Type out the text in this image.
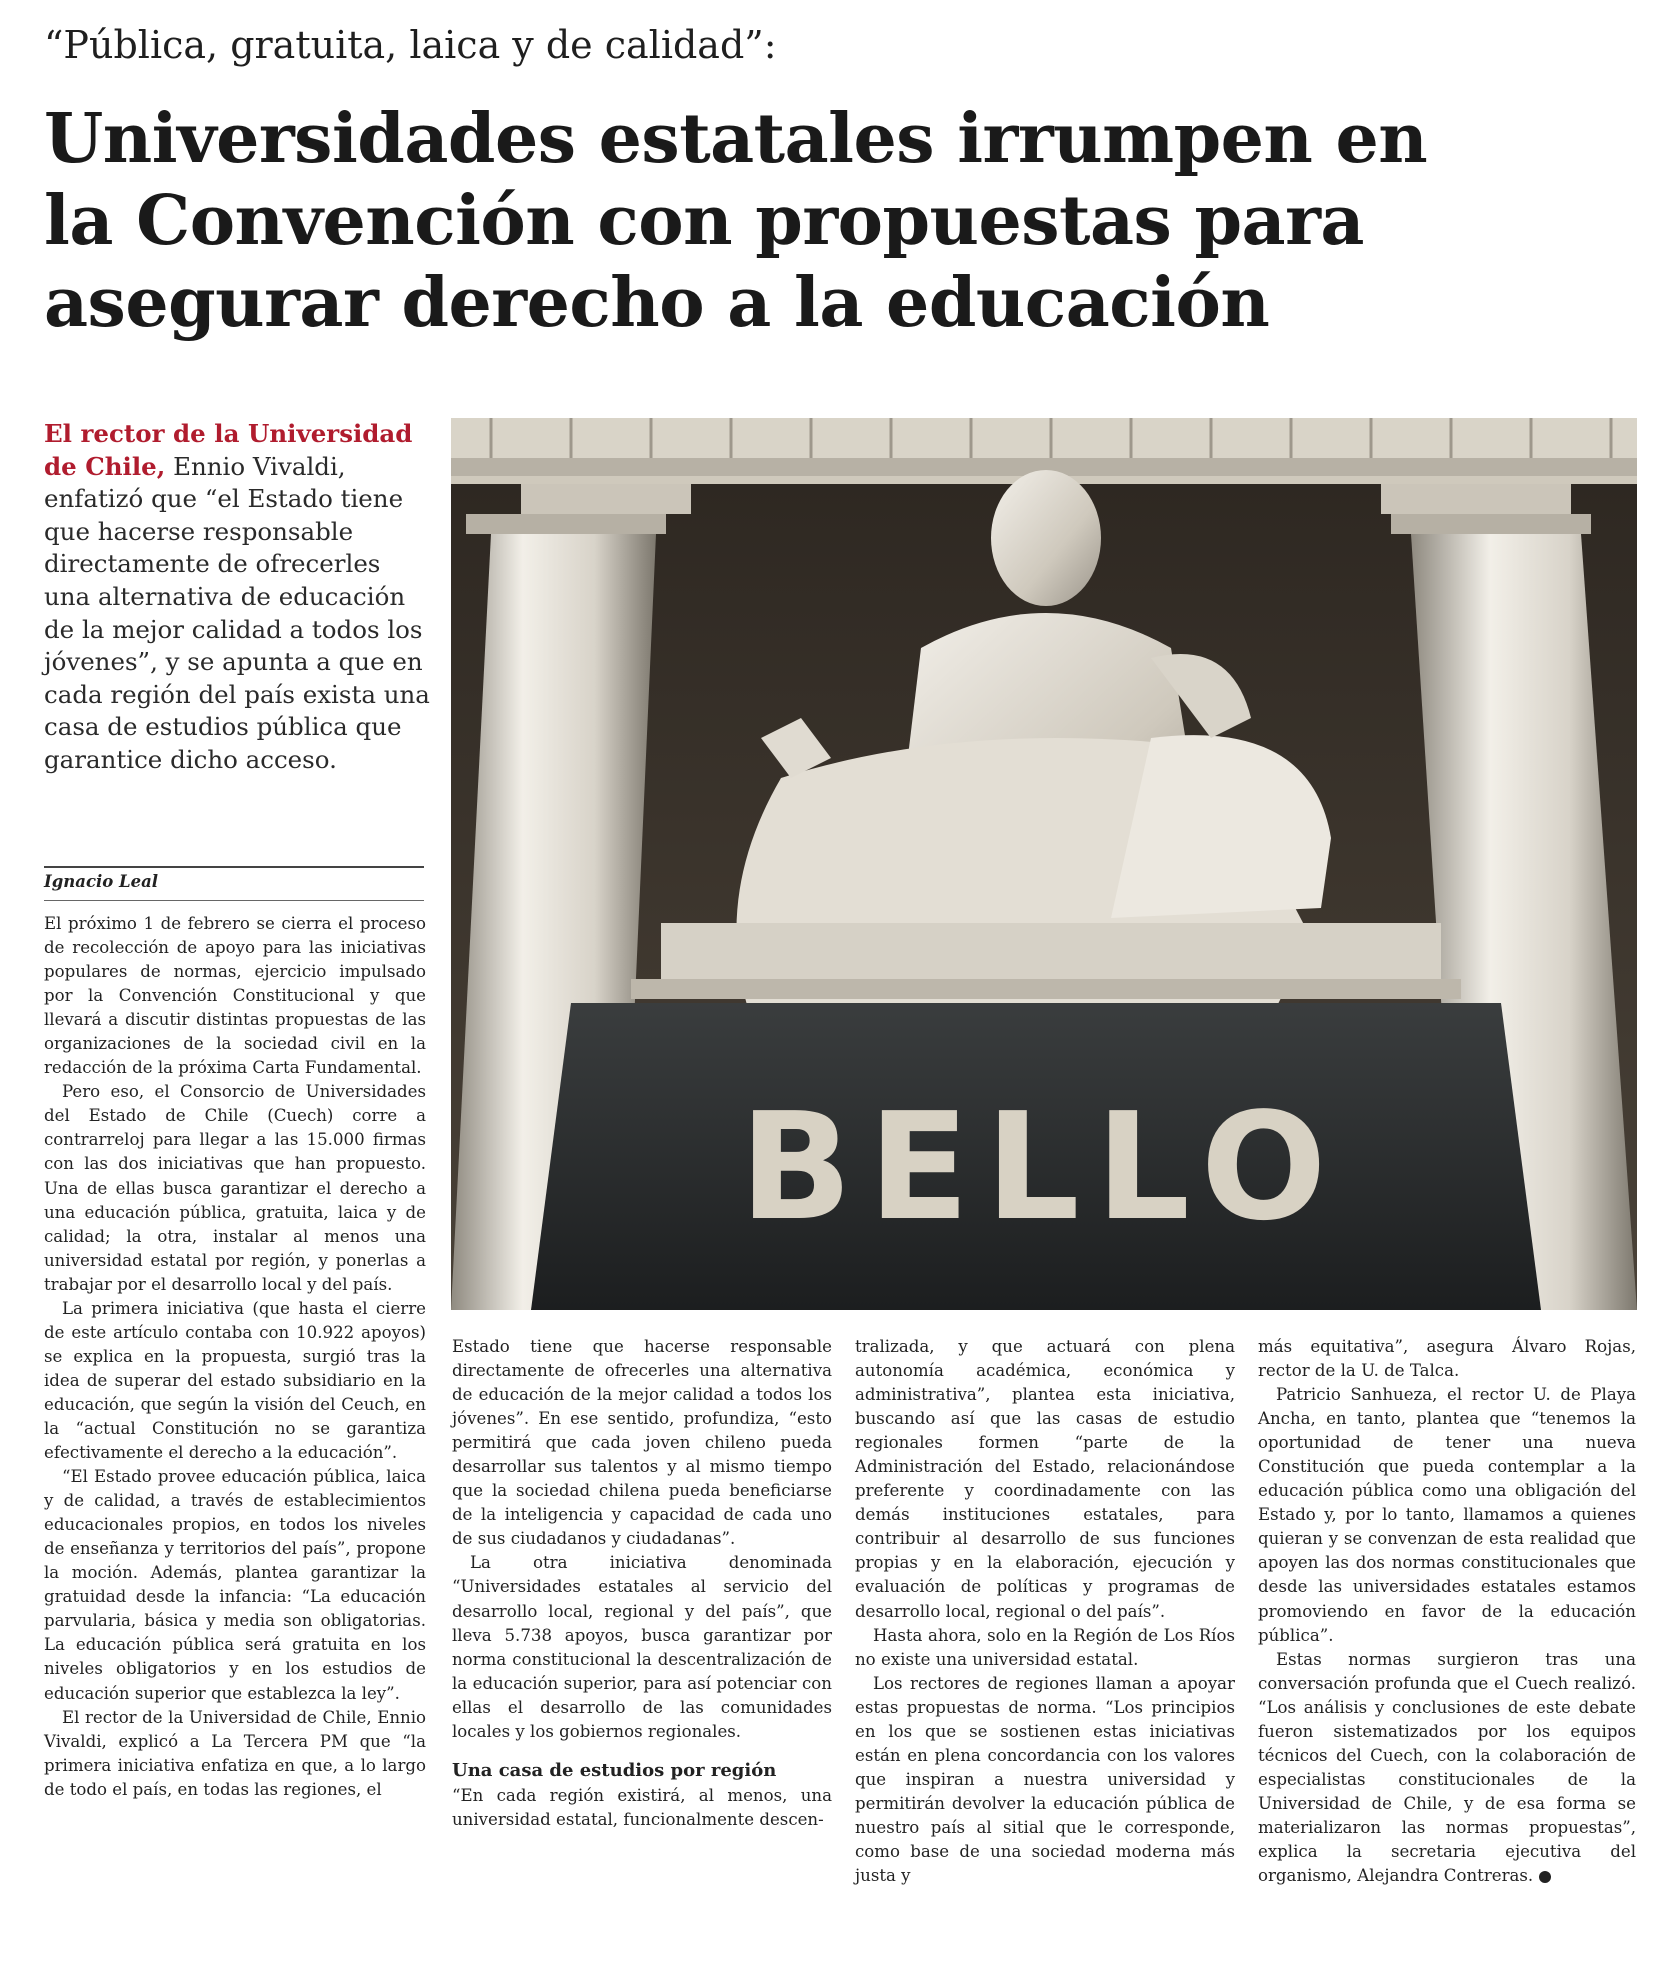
“Pública, gratuita, laica y de calidad”:
Universidades estatales irrumpen en
la Convención con propuestas para
asegurar derecho a la educación
El rector de la Universidad de Chile, Ennio Vivaldi, enfatizó que “el Estado tiene que hacerse responsable directamente de ofrecerles una alternativa de educación de la mejor calidad a todos los jóvenes”, y se apunta a que en cada región del país exista una casa de estudios pública que garantice dicho acceso.
Ignacio Leal

El próximo 1 de febrero se cierra el proceso de recolección de apoyo para las iniciativas populares de normas, ejercicio impulsado por la Convención Constitucional y que llevará a discutir distintas propuestas de las organizaciones de la sociedad civil en la redacción de la próxima Carta Fundamental.

Pero eso, el Consorcio de Universidades del Estado de Chile (Cuech) corre a contrarreloj para llegar a las 15.000 firmas con las dos iniciativas que han propuesto. Una de ellas busca garantizar el derecho a una educación pública, gratuita, laica y de calidad; la otra, instalar al menos una universidad estatal por región, y ponerlas a trabajar por el desarrollo local y del país.

La primera iniciativa (que hasta el cierre de este artículo contaba con 10.922 apoyos) se explica en la propuesta, surgió tras la idea de superar del estado subsidiario en la educación, que según la visión del Ceuch, en la “actual Constitución no se garantiza efectivamente el derecho a la educación”.

“El Estado provee educación pública, laica y de calidad, a través de establecimientos educacionales propios, en todos los niveles de enseñanza y territorios del país”, propone la moción. Además, plantea garantizar la gratuidad desde la infancia: “La educación parvularia, básica y media son obligatorias. La educación pública será gratuita en los niveles obligatorios y en los estudios de educación superior que establezca la ley”.

El rector de la Universidad de Chile, Ennio Vivaldi, explicó a La Tercera PM que “la primera iniciativa enfatiza en que, a lo largo de todo el país, en todas las regiones, el

Estado tiene que hacerse responsable directamente de ofrecerles una alternativa de educación de la mejor calidad a todos los jóvenes”. En ese sentido, profundiza, “esto permitirá que cada joven chileno pueda desarrollar sus talentos y al mismo tiempo que la sociedad chilena pueda beneficiarse de la inteligencia y capacidad de cada uno de sus ciudadanos y ciudadanas”.

La otra iniciativa denominada “Universidades estatales al servicio del desarrollo local, regional y del país”, que lleva 5.738 apoyos, busca garantizar por norma constitucional la descentralización de la educación superior, para así potenciar con ellas el desarrollo de las comunidades locales y los gobiernos regionales.

Una casa de estudios por región

“En cada región existirá, al menos, una universidad estatal, funcionalmente descen-

tralizada, y que actuará con plena autonomía académica, económica y administrativa”, plantea esta iniciativa, buscando así que las casas de estudio regionales formen “parte de la Administración del Estado, relacionándose preferente y coordinadamente con las demás instituciones estatales, para contribuir al desarrollo de sus funciones propias y en la elaboración, ejecución y evaluación de políticas y programas de desarrollo local, regional o del país”.

Hasta ahora, solo en la Región de Los Ríos no existe una universidad estatal.

Los rectores de regiones llaman a apoyar estas propuestas de norma. “Los principios en los que se sostienen estas iniciativas están en plena concordancia con los valores que inspiran a nuestra universidad y permitirán devolver la educación pública de nuestro país al sitial que le corresponde, como base de una sociedad moderna más justa y

más equitativa”, asegura Álvaro Rojas, rector de la U. de Talca.

Patricio Sanhueza, el rector U. de Playa Ancha, en tanto, plantea que “tenemos la oportunidad de tener una nueva Constitución que pueda contemplar a la educación pública como una obligación del Estado y, por lo tanto, llamamos a quienes quieran y se convenzan de esta realidad que apoyen las dos normas constitucionales que desde las universidades estatales estamos promoviendo en favor de la educación pública”.

Estas normas surgieron tras una conversación profunda que el Cuech realizó. “Los análisis y conclusiones de este debate fueron sistematizados por los equipos técnicos del Cuech, con la colaboración de especialistas constitucionales de la Universidad de Chile, y de esa forma se materializaron las normas propuestas”, explica la secretaria ejecutiva del organismo, Alejandra Contreras.

BELLO
